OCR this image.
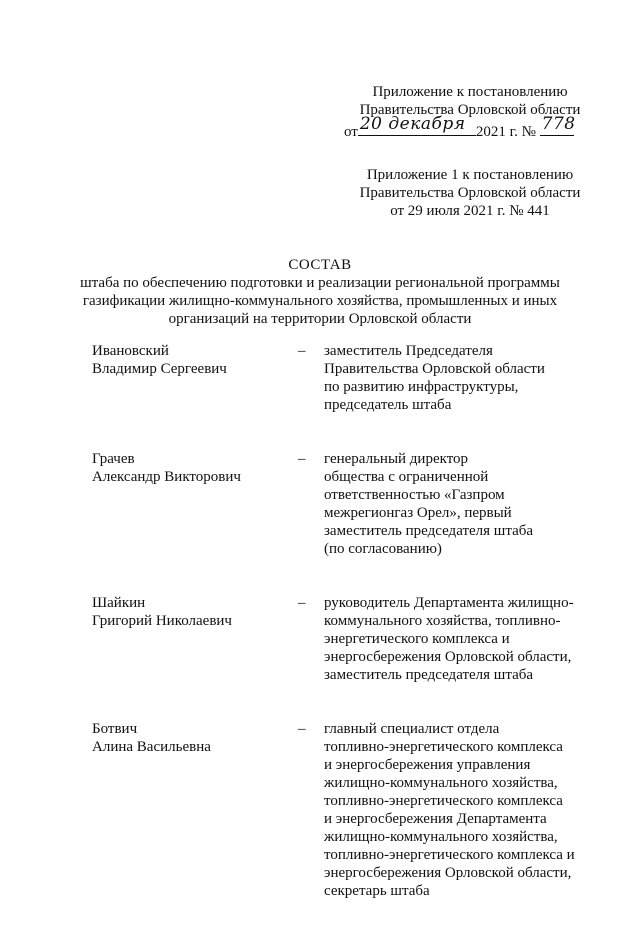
Приложение к постановлению
Правительства Орловской области
от 20 декабря 2021 г. № 778
Приложение 1 к постановлению
Правительства Орловской области
от 29 июля 2021 г. № 441
СОСТАВ
штаба по обеспечению подготовки и реализации региональной программы
газификации жилищно-коммунального хозяйства, промышленных и иных
организаций на территории Орловской области
Ивановский
Владимир Сергеевич
–	заместитель Председателя
Правительства Орловской области
по развитию инфраструктуры,
председатель штаба
Грачев
Александр Викторович
–	генеральный директор
общества с ограниченной
ответственностью «Газпром
межрегионгаз Орел», первый
заместитель председателя штаба
(по согласованию)
Шайкин
Григорий Николаевич
–	руководитель Департамента жилищно-
коммунального хозяйства, топливно-
энергетического комплекса и
энергосбережения Орловской области,
заместитель председателя штаба
Ботвич
Алина Васильевна
–	главный специалист отдела
топливно-энергетического комплекса
и энергосбережения управления
жилищно-коммунального хозяйства,
топливно-энергетического комплекса
и энергосбережения Департамента
жилищно-коммунального хозяйства,
топливно-энергетического комплекса и
энергосбережения Орловской области,
секретарь штаба
